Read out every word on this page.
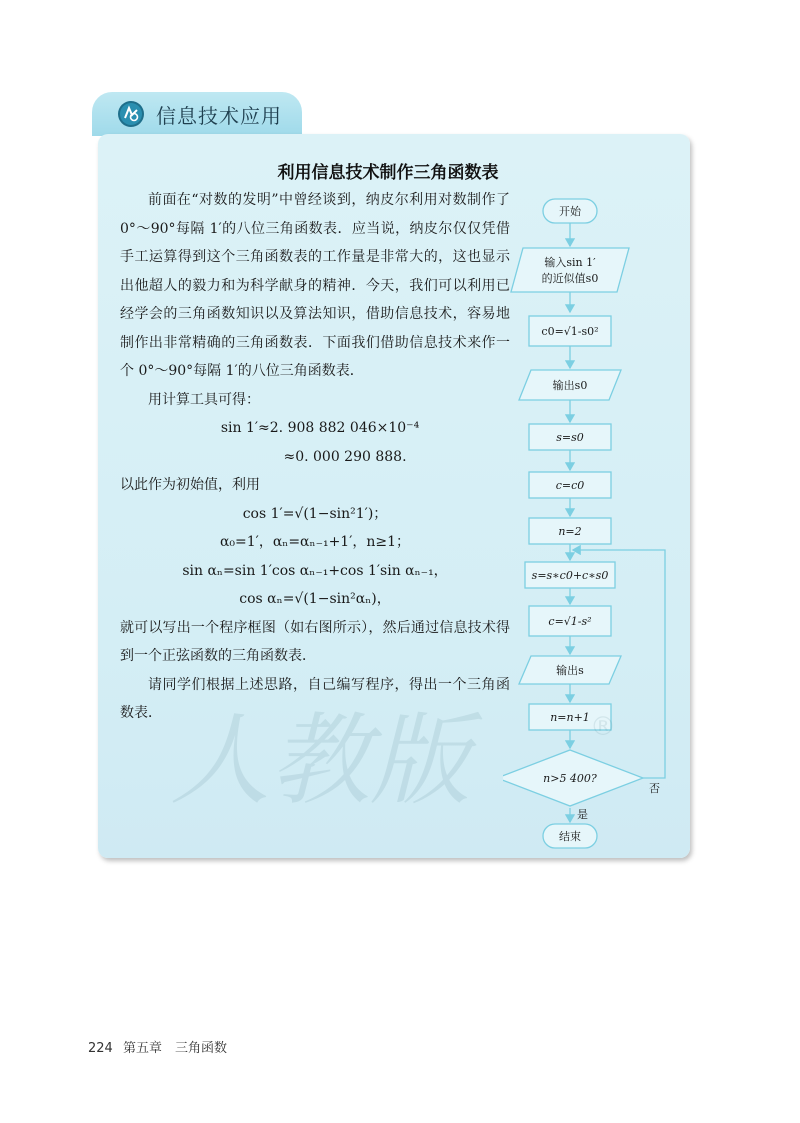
信息技术应用
利用信息技术制作三角函数表

前面在“对数的发明”中曾经谈到，纳皮尔利用对数制作了 0°～90°每隔 1′的八位三角函数表．应当说，纳皮尔仅仅凭借手工运算得到这个三角函数表的工作量是非常大的，这也显示出他超人的毅力和为科学献身的精神．今天，我们可以利用已经学会的三角函数知识以及算法知识，借助信息技术，容易地制作出非常精确的三角函数表．下面我们借助信息技术来作一个 0°～90°每隔 1′的八位三角函数表．

用计算工具可得：

sin 1′≈2. 908 882 046×10⁻⁴

≈0. 000 290 888.

以此作为初始值，利用

cos 1′=√(1−sin²1′)；

α₀=1′，αₙ=αₙ₋₁+1′，n≥1；

sin αₙ=sin 1′cos αₙ₋₁+cos 1′sin αₙ₋₁，

cos αₙ=√(1−sin²αₙ)，

就可以写出一个程序框图（如右图所示），然后通过信息技术得到一个正弦函数的三角函数表．

请同学们根据上述思路，自己编写程序，得出一个三角函数表．

开始
输入sin 1′
的近似值s0
c0=√1-s0²
输出s0
s=s0
c=c0
n=2
s=s∗c0+c∗s0
c=√1-s²
输出s
n=n+1
n>5 400?
否
是
结束
人教版	®
224 第五章　三角函数
